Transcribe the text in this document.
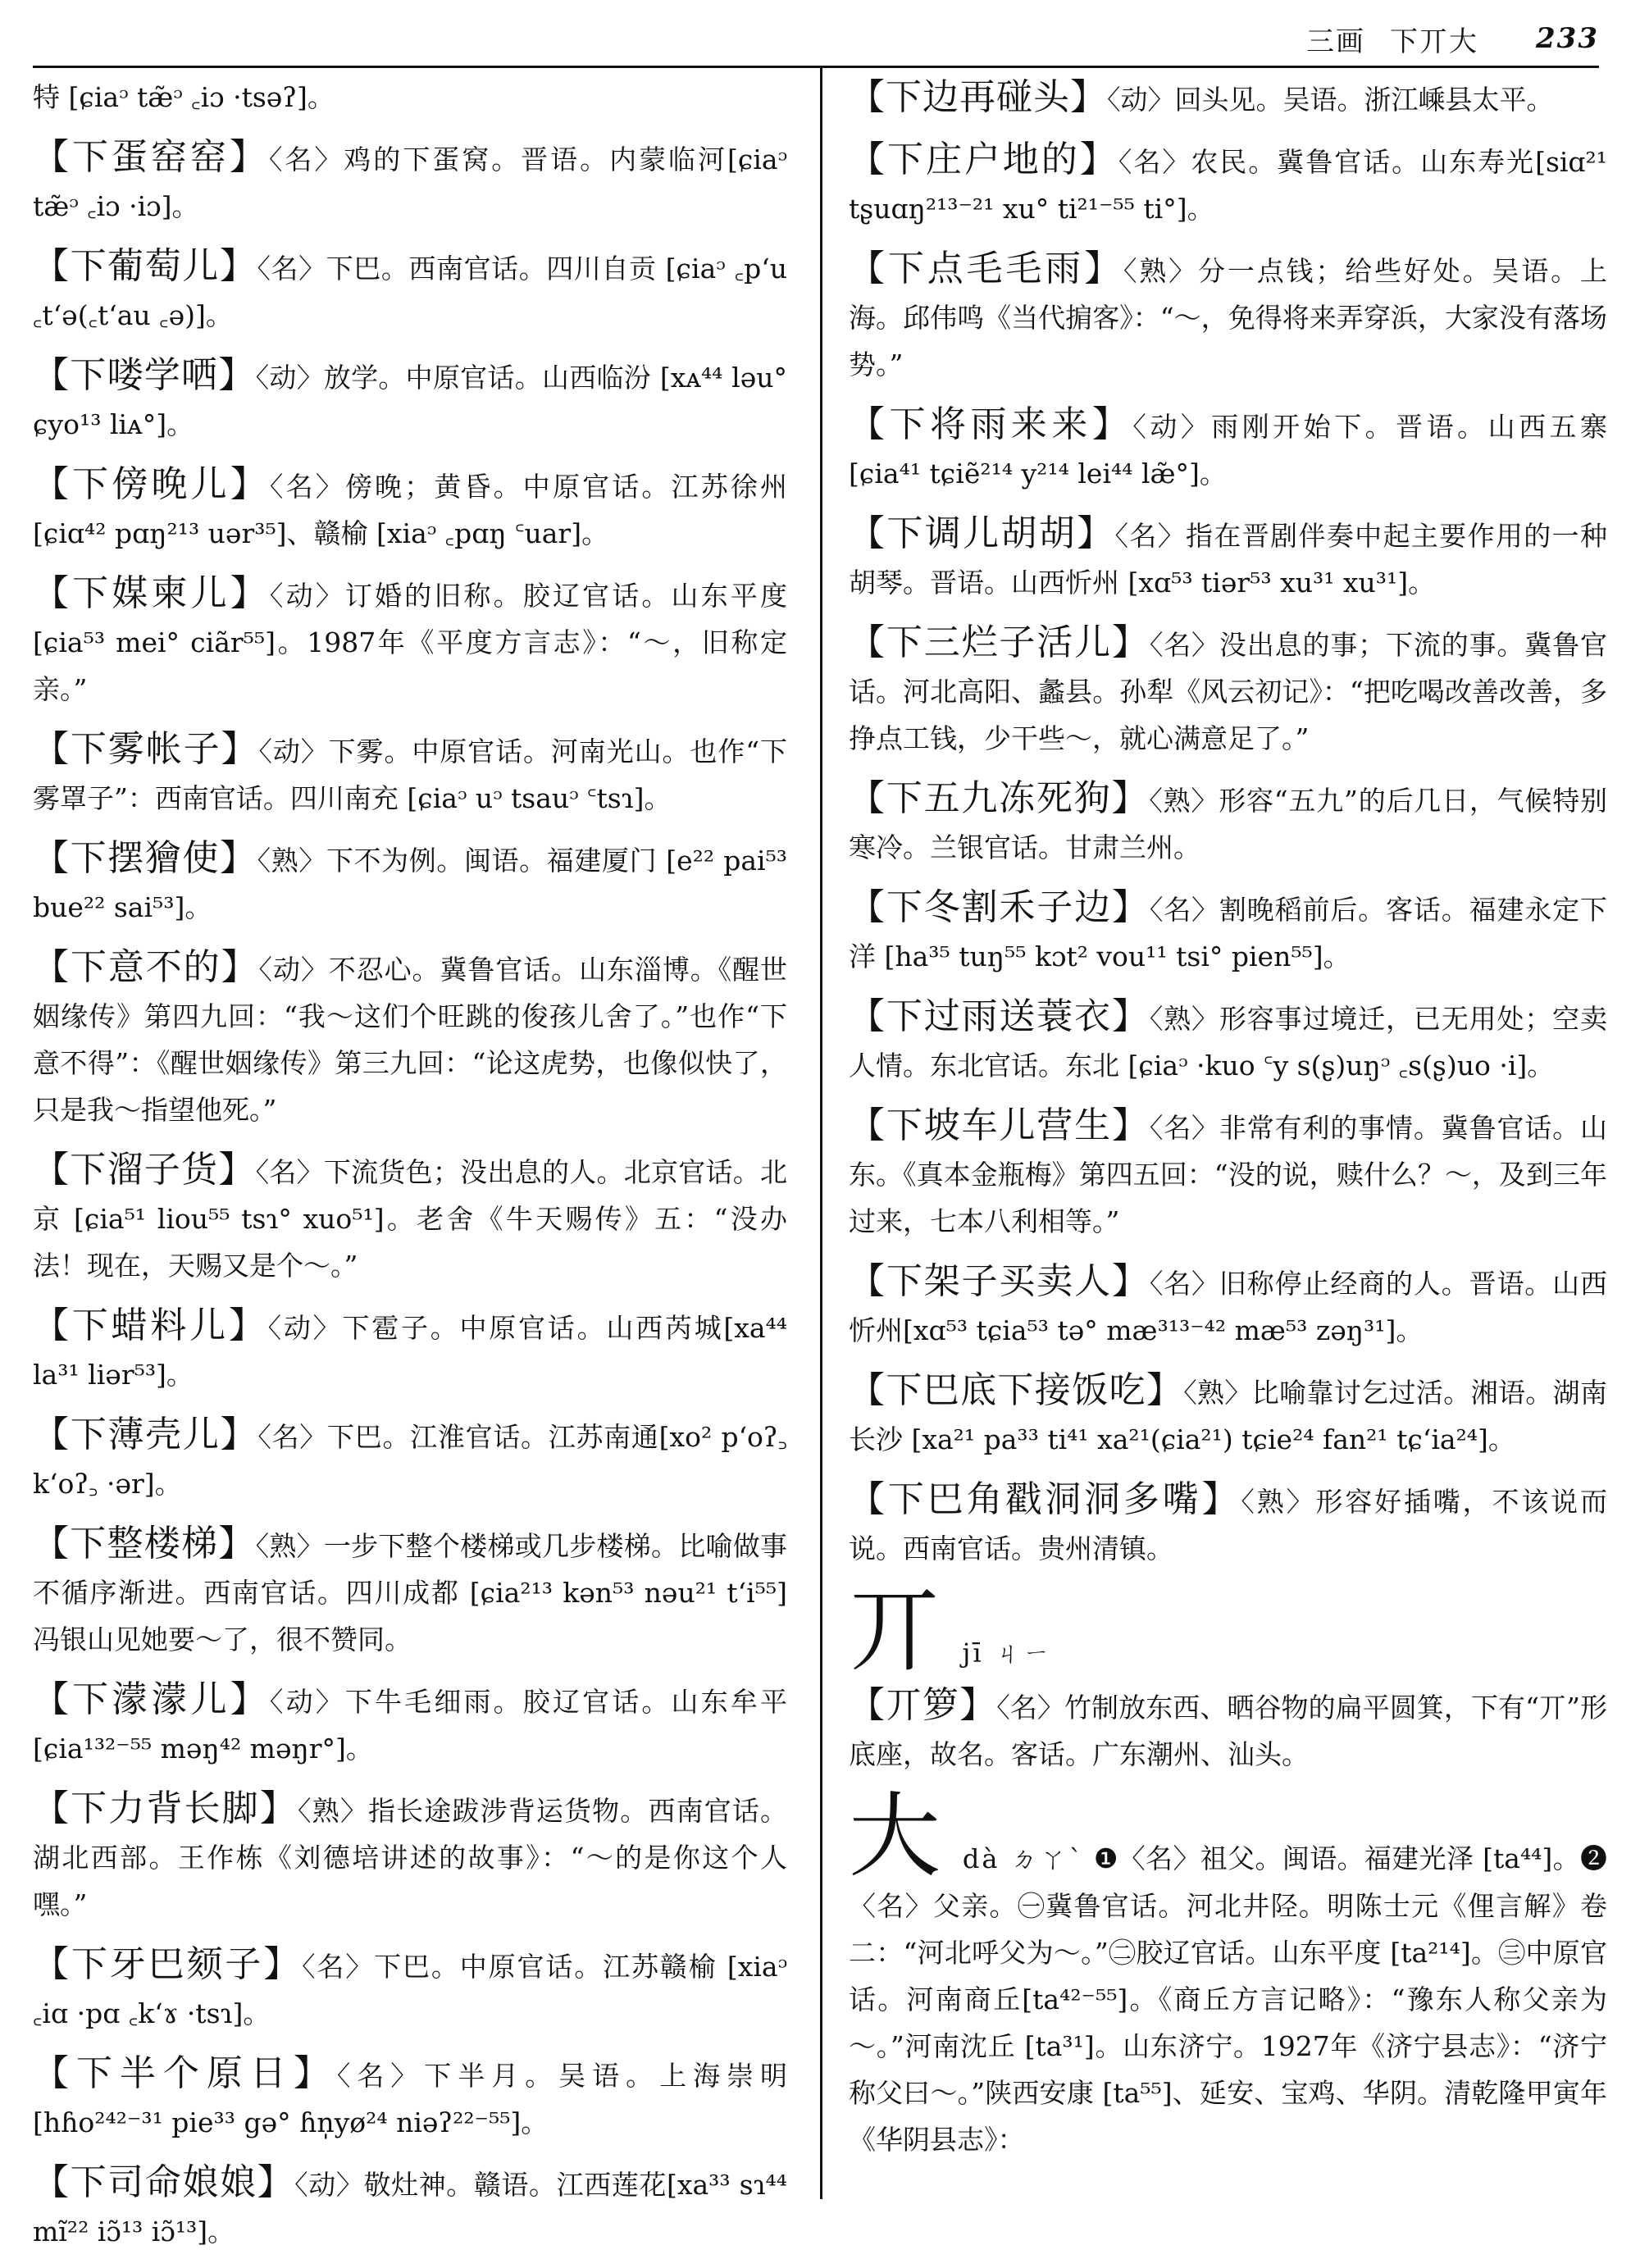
三画 下丌大 233
特 [ɕiaᵓ tæ̃ᵓ ꜀iɔ ·tsəʔ]。
【下蛋窑窑】〈名〉鸡的下蛋窝。晋语。内蒙临河[ɕiaᵓ tæ̃ᵓ ꜀iɔ ·iɔ]。
【下葡萄儿】〈名〉下巴。西南官话。四川自贡 [ɕiaᵓ ꜀pʻu ꜀tʻə(꜀tʻau ꜀ə)]。
【下喽学哂】〈动〉放学。中原官话。山西临汾 [xᴀ⁴⁴ ləu° ɕyo¹³ liᴀ°]。
【下傍晚儿】〈名〉傍晚；黄昏。中原官话。江苏徐州 [ɕiɑ⁴² pɑŋ²¹³ uər³⁵]、赣榆 [xiaᵓ ꜀pɑŋ ꜂uar]。
【下媒柬儿】〈动〉订婚的旧称。胶辽官话。山东平度 [ɕia⁵³ mei° ciãr⁵⁵]。1987年《平度方言志》：“～，旧称定亲。”
【下雾帐子】〈动〉下雾。中原官话。河南光山。也作“下雾罩子”：西南官话。四川南充 [ɕiaᵓ uᵓ tsauᵓ ꜂tsɿ]。
【下摆獪使】〈熟〉下不为例。闽语。福建厦门 [e²² pai⁵³ bue²² sai⁵³]。
【下意不的】〈动〉不忍心。冀鲁官话。山东淄博。《醒世姻缘传》第四九回：“我～这们个旺跳的俊孩儿舍了。”也作“下意不得”：《醒世姻缘传》第三九回：“论这虎势，也像似快了，只是我～指望他死。”
【下溜子货】〈名〉下流货色；没出息的人。北京官话。北京 [ɕia⁵¹ liou⁵⁵ tsɿ° xuo⁵¹]。老舍《牛天赐传》五：“没办法！现在，天赐又是个～。”
【下蜡料儿】〈动〉下雹子。中原官话。山西芮城[xa⁴⁴ la³¹ liər⁵³]。
【下薄壳儿】〈名〉下巴。江淮官话。江苏南通[xo² pʻoʔ꜆ kʻoʔ꜆ ·ər]。
【下整楼梯】〈熟〉一步下整个楼梯或几步楼梯。比喻做事不循序渐进。西南官话。四川成都 [ɕia²¹³ kən⁵³ nəu²¹ tʻi⁵⁵] 冯银山见她要～了，很不赞同。
【下濛濛儿】〈动〉下牛毛细雨。胶辽官话。山东牟平 [ɕia¹³²⁻⁵⁵ məŋ⁴² məŋr°]。
【下力背长脚】〈熟〉指长途跋涉背运货物。西南官话。湖北西部。王作栋《刘德培讲述的故事》：“～的是你这个人嘿。”
【下牙巴颏子】〈名〉下巴。中原官话。江苏赣榆 [xiaᵓ ꜀iɑ ·pɑ ꜀kʻɤ ·tsɿ]。
【下半个原日】〈名〉下半月。吴语。上海崇明 [hɦo²⁴²⁻³¹ pie³³ gə° ɦn̩yø²⁴ niəʔ²²⁻⁵⁵]。
【下司命娘娘】〈动〉敬灶神。赣语。江西莲花[xa³³ sɿ⁴⁴ mĩ²² iɔ̃¹³ iɔ̃¹³]。
【下边再碰头】〈动〉回头见。吴语。浙江嵊县太平。
【下庄户地的】〈名〉农民。冀鲁官话。山东寿光[siɑ²¹ tʂuɑŋ²¹³⁻²¹ xu° ti²¹⁻⁵⁵ ti°]。
【下点毛毛雨】〈熟〉分一点钱；给些好处。吴语。上海。邱伟鸣《当代掮客》：“～，免得将来弄穿浜，大家没有落场势。”
【下将雨来来】〈动〉雨刚开始下。晋语。山西五寨 [ɕia⁴¹ tɕiẽ²¹⁴ y²¹⁴ lei⁴⁴ læ̃°]。
【下调儿胡胡】〈名〉指在晋剧伴奏中起主要作用的一种胡琴。晋语。山西忻州 [xɑ⁵³ tiər⁵³ xu³¹ xu³¹]。
【下三烂子活儿】〈名〉没出息的事；下流的事。冀鲁官话。河北高阳、蠡县。孙犁《风云初记》：“把吃喝改善改善，多挣点工钱，少干些～，就心满意足了。”
【下五九冻死狗】〈熟〉形容“五九”的后几日，气候特别寒冷。兰银官话。甘肃兰州。
【下冬割禾子边】〈名〉割晚稻前后。客话。福建永定下洋 [ha³⁵ tuŋ⁵⁵ kɔt² vou¹¹ tsi° pien⁵⁵]。
【下过雨送蓑衣】〈熟〉形容事过境迁，已无用处；空卖人情。东北官话。东北 [ɕiaᵓ ·kuo ꜂y s(ʂ)uŋᵓ ꜀s(ʂ)uo ·i]。
【下坡车儿营生】〈名〉非常有利的事情。冀鲁官话。山东。《真本金瓶梅》第四五回：“没的说，赎什么？～，及到三年过来，七本八利相等。”
【下架子买卖人】〈名〉旧称停止经商的人。晋语。山西忻州[xɑ⁵³ tɕia⁵³ tə° mæ³¹³⁻⁴² mæ⁵³ zəŋ³¹]。
【下巴底下接饭吃】〈熟〉比喻靠讨乞过活。湘语。湖南长沙 [xa²¹ pa³³ ti⁴¹ xa²¹(ɕia²¹) tɕie²⁴ fan²¹ tɕʻia²⁴]。
【下巴角戳洞洞多嘴】〈熟〉形容好插嘴，不该说而说。西南官话。贵州清镇。
丌 jī ㄐㄧ
【丌箩】〈名〉竹制放东西、晒谷物的扁平圆箕，下有“丌”形底座，故名。客话。广东潮州、汕头。
大 dà ㄉㄚˋ ❶〈名〉祖父。闽语。福建光泽 [ta⁴⁴]。❷〈名〉父亲。㊀冀鲁官话。河北井陉。明陈士元《俚言解》卷二：“河北呼父为～。”㊁胶辽官话。山东平度 [ta²¹⁴]。㊂中原官话。河南商丘[ta⁴²⁻⁵⁵]。《商丘方言记略》：“豫东人称父亲为～。”河南沈丘 [ta³¹]。山东济宁。1927年《济宁县志》：“济宁称父曰～。”陕西安康 [ta⁵⁵]、延安、宝鸡、华阴。清乾隆甲寅年《华阴县志》：
